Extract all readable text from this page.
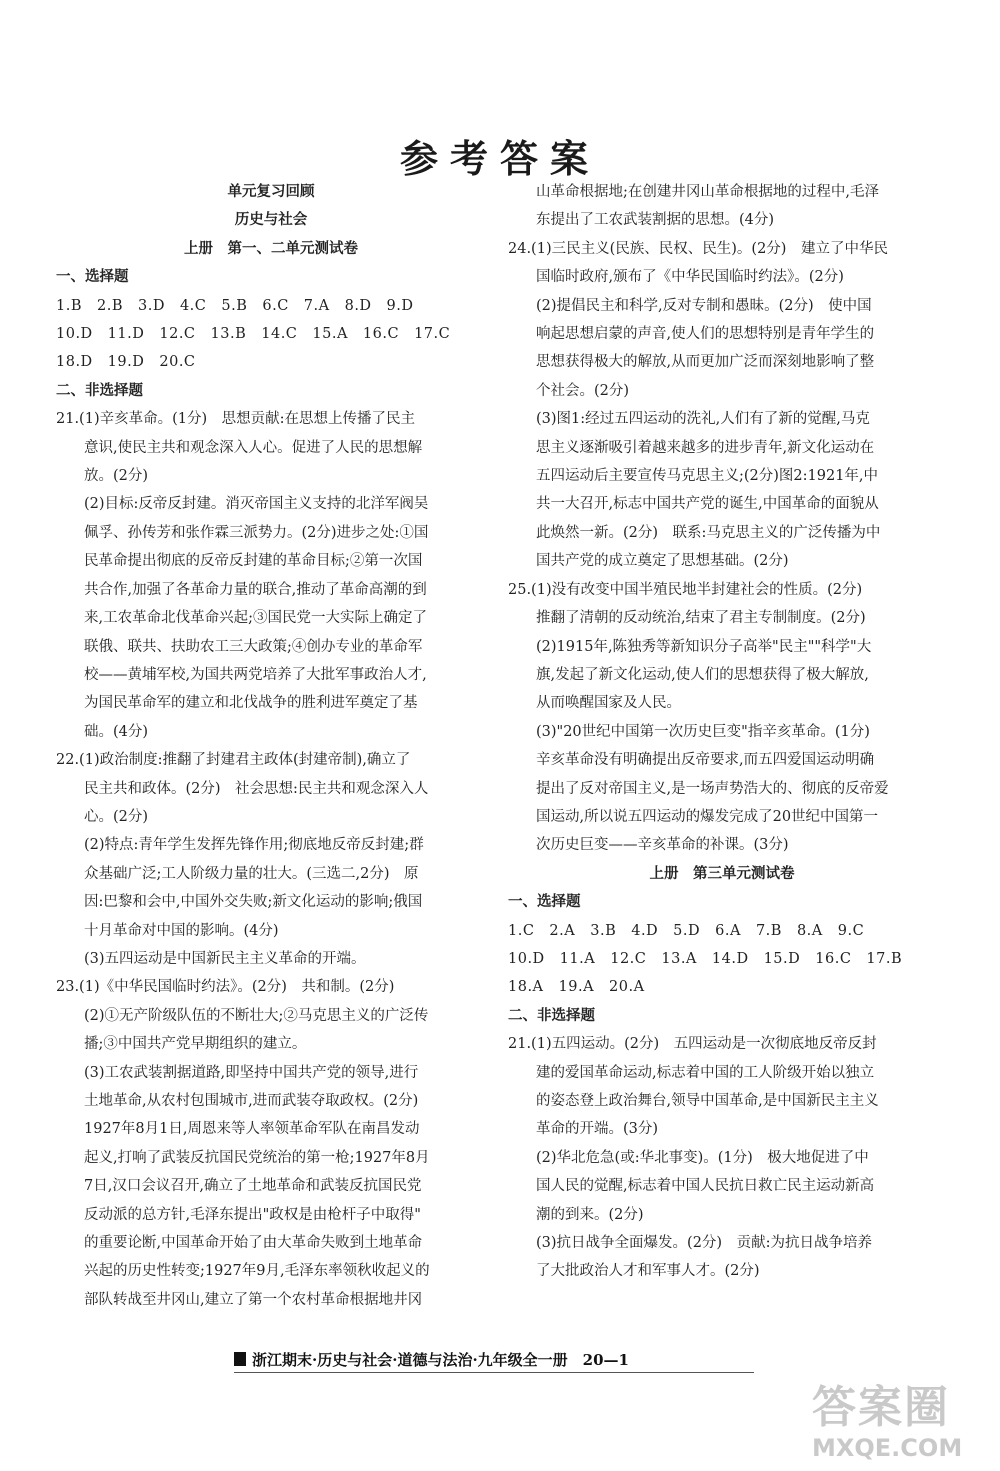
参考答案
单元复习回顾
历史与社会
上册　第一、二单元测试卷
一、选择题
1.B　2.B　3.D　4.C　5.B　6.C　7.A　8.D　9.D
10.D　11.D　12.C　13.B　14.C　15.A　16.C　17.C
18.D　19.D　20.C
二、非选择题
21.(1)辛亥革命。(1分)　思想贡献:在思想上传播了民主
意识,使民主共和观念深入人心。促进了人民的思想解
放。(2分)
(2)目标:反帝反封建。消灭帝国主义支持的北洋军阀吴
佩孚、孙传芳和张作霖三派势力。(2分)进步之处:①国
民革命提出彻底的反帝反封建的革命目标;②第一次国
共合作,加强了各革命力量的联合,推动了革命高潮的到
来,工农革命北伐革命兴起;③国民党一大实际上确定了
联俄、联共、扶助农工三大政策;④创办专业的革命军
校——黄埔军校,为国共两党培养了大批军事政治人才,
为国民革命军的建立和北伐战争的胜利进军奠定了基
础。(4分)
22.(1)政治制度:推翻了封建君主政体(封建帝制),确立了
民主共和政体。(2分)　社会思想:民主共和观念深入人
心。(2分)
(2)特点:青年学生发挥先锋作用;彻底地反帝反封建;群
众基础广泛;工人阶级力量的壮大。(三选二,2分)　原
因:巴黎和会中,中国外交失败;新文化运动的影响;俄国
十月革命对中国的影响。(4分)
(3)五四运动是中国新民主主义革命的开端。
23.(1)《中华民国临时约法》。(2分)　共和制。(2分)
(2)①无产阶级队伍的不断壮大;②马克思主义的广泛传
播;③中国共产党早期组织的建立。
(3)工农武装割据道路,即坚持中国共产党的领导,进行
土地革命,从农村包围城市,进而武装夺取政权。(2分)
1927年8月1日,周恩来等人率领革命军队在南昌发动
起义,打响了武装反抗国民党统治的第一枪;1927年8月
7日,汉口会议召开,确立了土地革命和武装反抗国民党
反动派的总方针,毛泽东提出"政权是由枪杆子中取得"
的重要论断,中国革命开始了由大革命失败到土地革命
兴起的历史性转变;1927年9月,毛泽东率领秋收起义的
部队转战至井冈山,建立了第一个农村革命根据地井冈
山革命根据地;在创建井冈山革命根据地的过程中,毛泽
东提出了工农武装割据的思想。(4分)
24.(1)三民主义(民族、民权、民生)。(2分)　建立了中华民
国临时政府,颁布了《中华民国临时约法》。(2分)
(2)提倡民主和科学,反对专制和愚昧。(2分)　使中国
响起思想启蒙的声音,使人们的思想特别是青年学生的
思想获得极大的解放,从而更加广泛而深刻地影响了整
个社会。(2分)
(3)图1:经过五四运动的洗礼,人们有了新的觉醒,马克
思主义逐渐吸引着越来越多的进步青年,新文化运动在
五四运动后主要宣传马克思主义;(2分)图2:1921年,中
共一大召开,标志中国共产党的诞生,中国革命的面貌从
此焕然一新。(2分)　联系:马克思主义的广泛传播为中
国共产党的成立奠定了思想基础。(2分)
25.(1)没有改变中国半殖民地半封建社会的性质。(2分)
推翻了清朝的反动统治,结束了君主专制制度。(2分)
(2)1915年,陈独秀等新知识分子高举"民主""科学"大
旗,发起了新文化运动,使人们的思想获得了极大解放,
从而唤醒国家及人民。
(3)"20世纪中国第一次历史巨变"指辛亥革命。(1分)
辛亥革命没有明确提出反帝要求,而五四爱国运动明确
提出了反对帝国主义,是一场声势浩大的、彻底的反帝爱
国运动,所以说五四运动的爆发完成了20世纪中国第一
次历史巨变——辛亥革命的补课。(3分)
上册　第三单元测试卷
一、选择题
1.C　2.A　3.B　4.D　5.D　6.A　7.B　8.A　9.C
10.D　11.A　12.C　13.A　14.D　15.D　16.C　17.B
18.A　19.A　20.A
二、非选择题
21.(1)五四运动。(2分)　五四运动是一次彻底地反帝反封
建的爱国革命运动,标志着中国的工人阶级开始以独立
的姿态登上政治舞台,领导中国革命,是中国新民主主义
革命的开端。(3分)
(2)华北危急(或:华北事变)。(1分)　极大地促进了中
国人民的觉醒,标志着中国人民抗日救亡民主运动新高
潮的到来。(2分)
(3)抗日战争全面爆发。(2分)　贡献:为抗日战争培养
了大批政治人才和军事人才。(2分)
浙江期末·历史与社会·道德与法治·九年级全一册　20—1
答案圈
MXQE.COM
